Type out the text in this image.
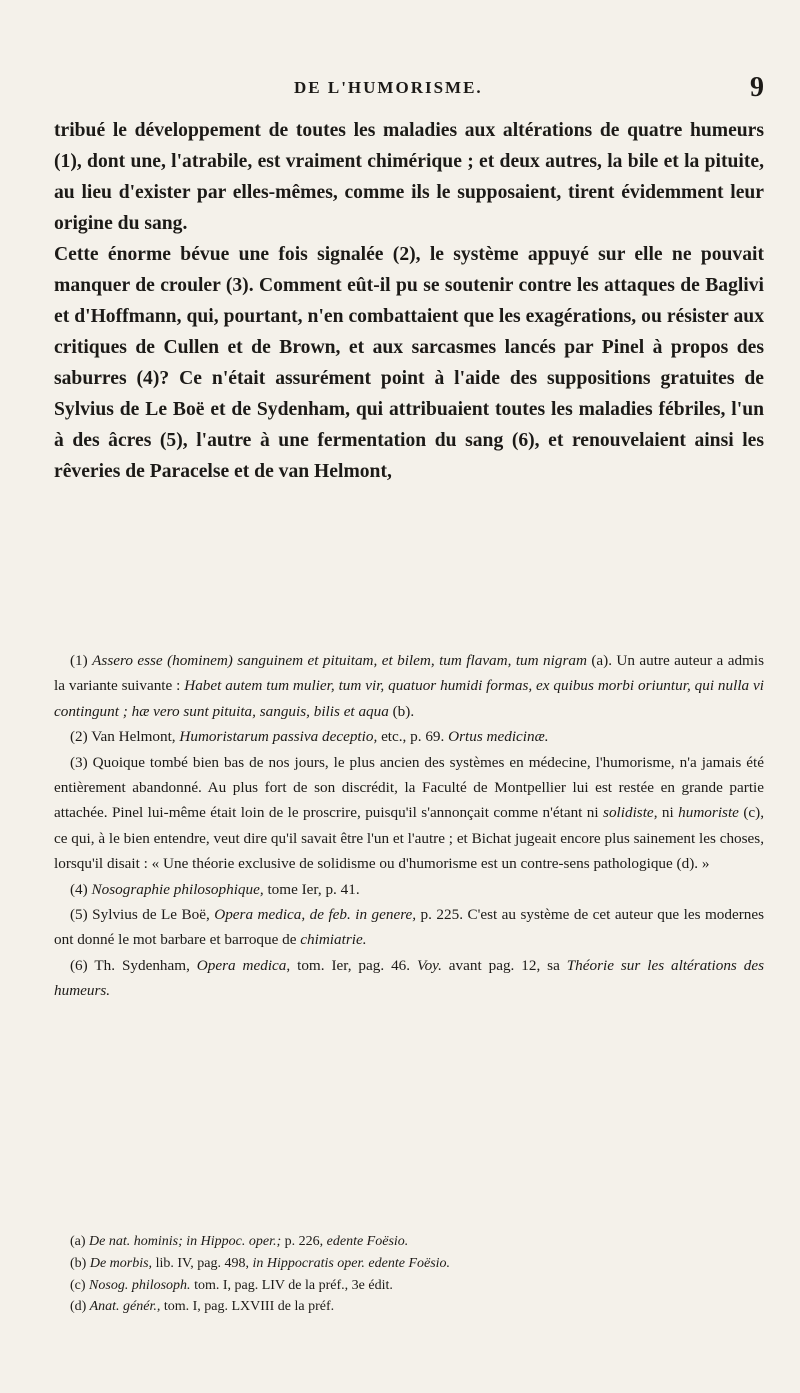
DE L'HUMORISME.	9

tribué le développement de toutes les maladies aux altérations de quatre humeurs (1), dont une, l'atrabile, est vraiment chimérique ; et deux autres, la bile et la pituite, au lieu d'exister par elles-mêmes, comme ils le supposaient, tirent évidemment leur origine du sang.

Cette énorme bévue une fois signalée (2), le système appuyé sur elle ne pouvait manquer de crouler (3). Comment eût-il pu se soutenir contre les attaques de Baglivi et d'Hoffmann, qui, pourtant, n'en combattaient que les exagérations, ou résister aux critiques de Cullen et de Brown, et aux sarcasmes lancés par Pinel à propos des saburres (4)? Ce n'était assurément point à l'aide des suppositions gratuites de Sylvius de Le Boë et de Sydenham, qui attribuaient toutes les maladies fébriles, l'un à des âcres (5), l'autre à une fermentation du sang (6), et renouvelaient ainsi les rêveries de Paracelse et de van Helmont,

(1) Assero esse (hominem) sanguinem et pituitam, et bilem, tum flavam, tum nigram (a). Un autre auteur a admis la variante suivante : Habet autem tum mulier, tum vir, quatuor humidi formas, ex quibus morbi oriuntur, qui nulla vi contingunt ; hæ vero sunt pituita, sanguis, bilis et aqua (b).

(2) Van Helmont, Humoristarum passiva deceptio, etc., p. 69. Ortus medicinæ.

(3) Quoique tombé bien bas de nos jours, le plus ancien des systèmes en médecine, l'humorisme, n'a jamais été entièrement abandonné. Au plus fort de son discrédit, la Faculté de Montpellier lui est restée en grande partie attachée. Pinel lui-même était loin de le proscrire, puisqu'il s'annonçait comme n'étant ni solidiste, ni humoriste (c), ce qui, à le bien entendre, veut dire qu'il savait être l'un et l'autre ; et Bichat jugeait encore plus sainement les choses, lorsqu'il disait : « Une théorie exclusive de solidisme ou d'humorisme est un contre-sens pathologique (d). »

(4) Nosographie philosophique, tome Ier, p. 41.

(5) Sylvius de Le Boë, Opera medica, de feb. in genere, p. 225. C'est au système de cet auteur que les modernes ont donné le mot barbare et barroque de chimiatrie.

(6) Th. Sydenham, Opera medica, tom. Ier, pag. 46. Voy. avant pag. 12, sa Théorie sur les altérations des humeurs.

(a) De nat. hominis; in Hippoc. oper.; p. 226, edente Foësio.

(b) De morbis, lib. IV, pag. 498, in Hippocratis oper. edente Foësio.

(c) Nosog. philosoph. tom. I, pag. LIV de la préf., 3e édit.

(d) Anat. génér., tom. I, pag. LXVIII de la préf.
